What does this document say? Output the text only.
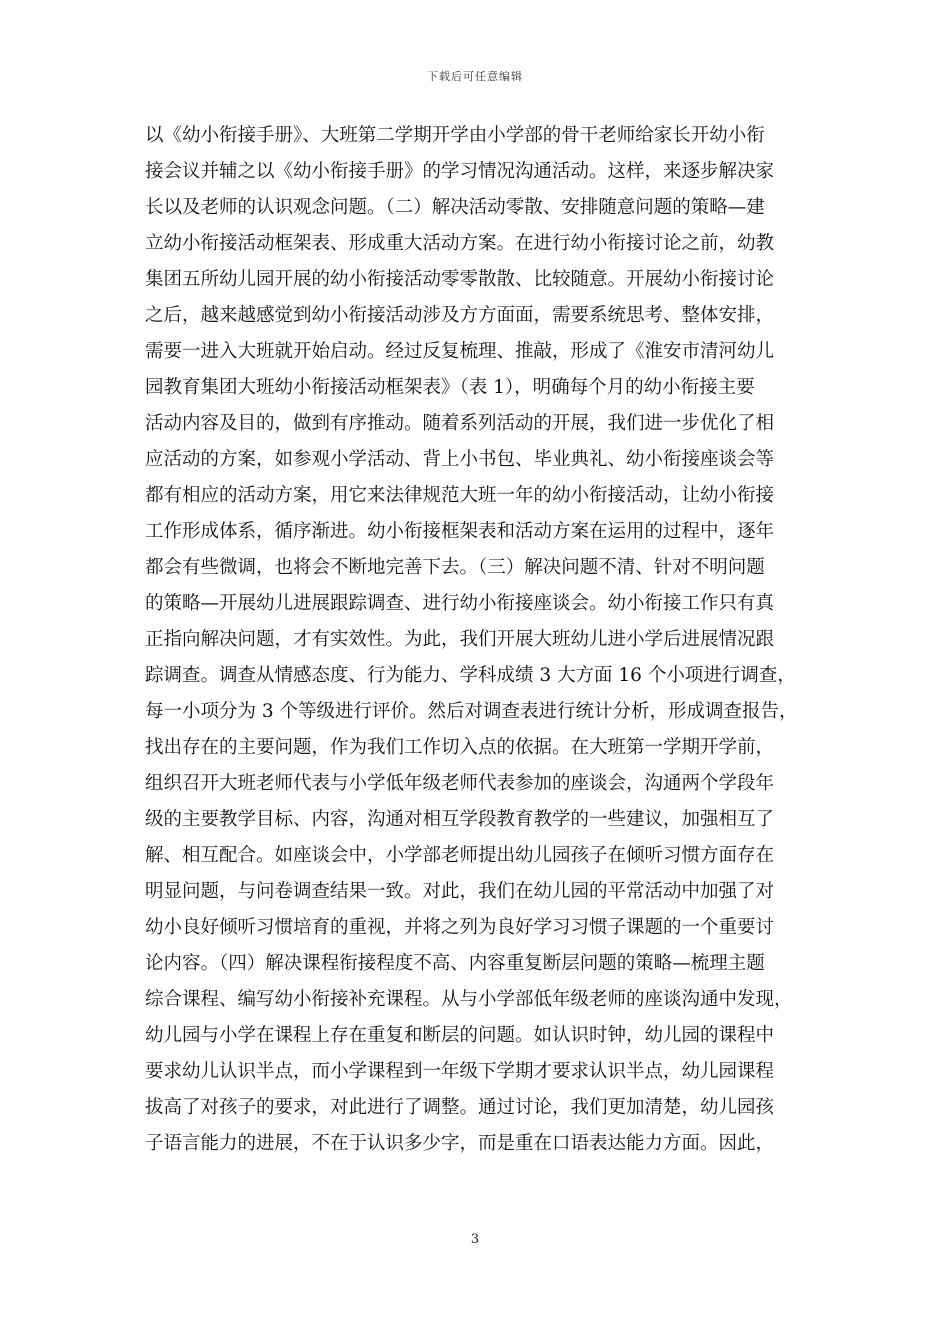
下载后可任意编辑
以《幼小衔接手册》、大班第二学期开学由小学部的骨干老师给家长开幼小衔
接会议并辅之以《幼小衔接手册》的学习情况沟通活动。这样，来逐步解决家
长以及老师的认识观念问题。（二）解决活动零散、安排随意问题的策略—建
立幼小衔接活动框架表、形成重大活动方案。在进行幼小衔接讨论之前，幼教
集团五所幼儿园开展的幼小衔接活动零零散散、比较随意。开展幼小衔接讨论
之后，越来越感觉到幼小衔接活动涉及方方面面，需要系统思考、整体安排，
需要一进入大班就开始启动。经过反复梳理、推敲，形成了《淮安市清河幼儿
园教育集团大班幼小衔接活动框架表》（表 1），明确每个月的幼小衔接主要
活动内容及目的，做到有序推动。随着系列活动的开展，我们进一步优化了相
应活动的方案，如参观小学活动、背上小书包、毕业典礼、幼小衔接座谈会等
都有相应的活动方案，用它来法律规范大班一年的幼小衔接活动，让幼小衔接
工作形成体系，循序渐进。幼小衔接框架表和活动方案在运用的过程中，逐年
都会有些微调，也将会不断地完善下去。（三）解决问题不清、针对不明问题
的策略—开展幼儿进展跟踪调查、进行幼小衔接座谈会。幼小衔接工作只有真
正指向解决问题，才有实效性。为此，我们开展大班幼儿进小学后进展情况跟
踪调查。调查从情感态度、行为能力、学科成绩 3 大方面 16 个小项进行调查，
每一小项分为 3 个等级进行评价。然后对调查表进行统计分析，形成调查报告，
找出存在的主要问题，作为我们工作切入点的依据。在大班第一学期开学前，
组织召开大班老师代表与小学低年级老师代表参加的座谈会，沟通两个学段年
级的主要教学目标、内容，沟通对相互学段教育教学的一些建议，加强相互了
解、相互配合。如座谈会中，小学部老师提出幼儿园孩子在倾听习惯方面存在
明显问题，与问卷调查结果一致。对此，我们在幼儿园的平常活动中加强了对
幼小良好倾听习惯培育的重视，并将之列为良好学习习惯子课题的一个重要讨
论内容。（四）解决课程衔接程度不高、内容重复断层问题的策略—梳理主题
综合课程、编写幼小衔接补充课程。从与小学部低年级老师的座谈沟通中发现，
幼儿园与小学在课程上存在重复和断层的问题。如认识时钟，幼儿园的课程中
要求幼儿认识半点，而小学课程到一年级下学期才要求认识半点，幼儿园课程
拔高了对孩子的要求，对此进行了调整。通过讨论，我们更加清楚，幼儿园孩
子语言能力的进展，不在于认识多少字，而是重在口语表达能力方面。因此，
3
